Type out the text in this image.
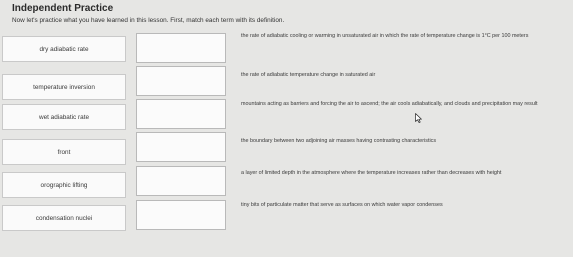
Independent Practice
Now let's practice what you have learned in this lesson. First, match each term with its definition.
dry adiabatic rate
temperature inversion
wet adiabatic rate
front
orographic lifting
condensation nuclei
the rate of adiabatic cooling or warming in unsaturated air in which the rate of temperature change is 1°C per 100 meters
the rate of adiabatic temperature change in saturated air
mountains acting as barriers and forcing the air to ascend; the air cools adiabatically, and clouds and precipitation may result
the boundary between two adjoining air masses having contrasting characteristics
a layer of limited depth in the atmosphere where the temperature increases rather than decreases with height
tiny bits of particulate matter that serve as surfaces on which water vapor condenses
